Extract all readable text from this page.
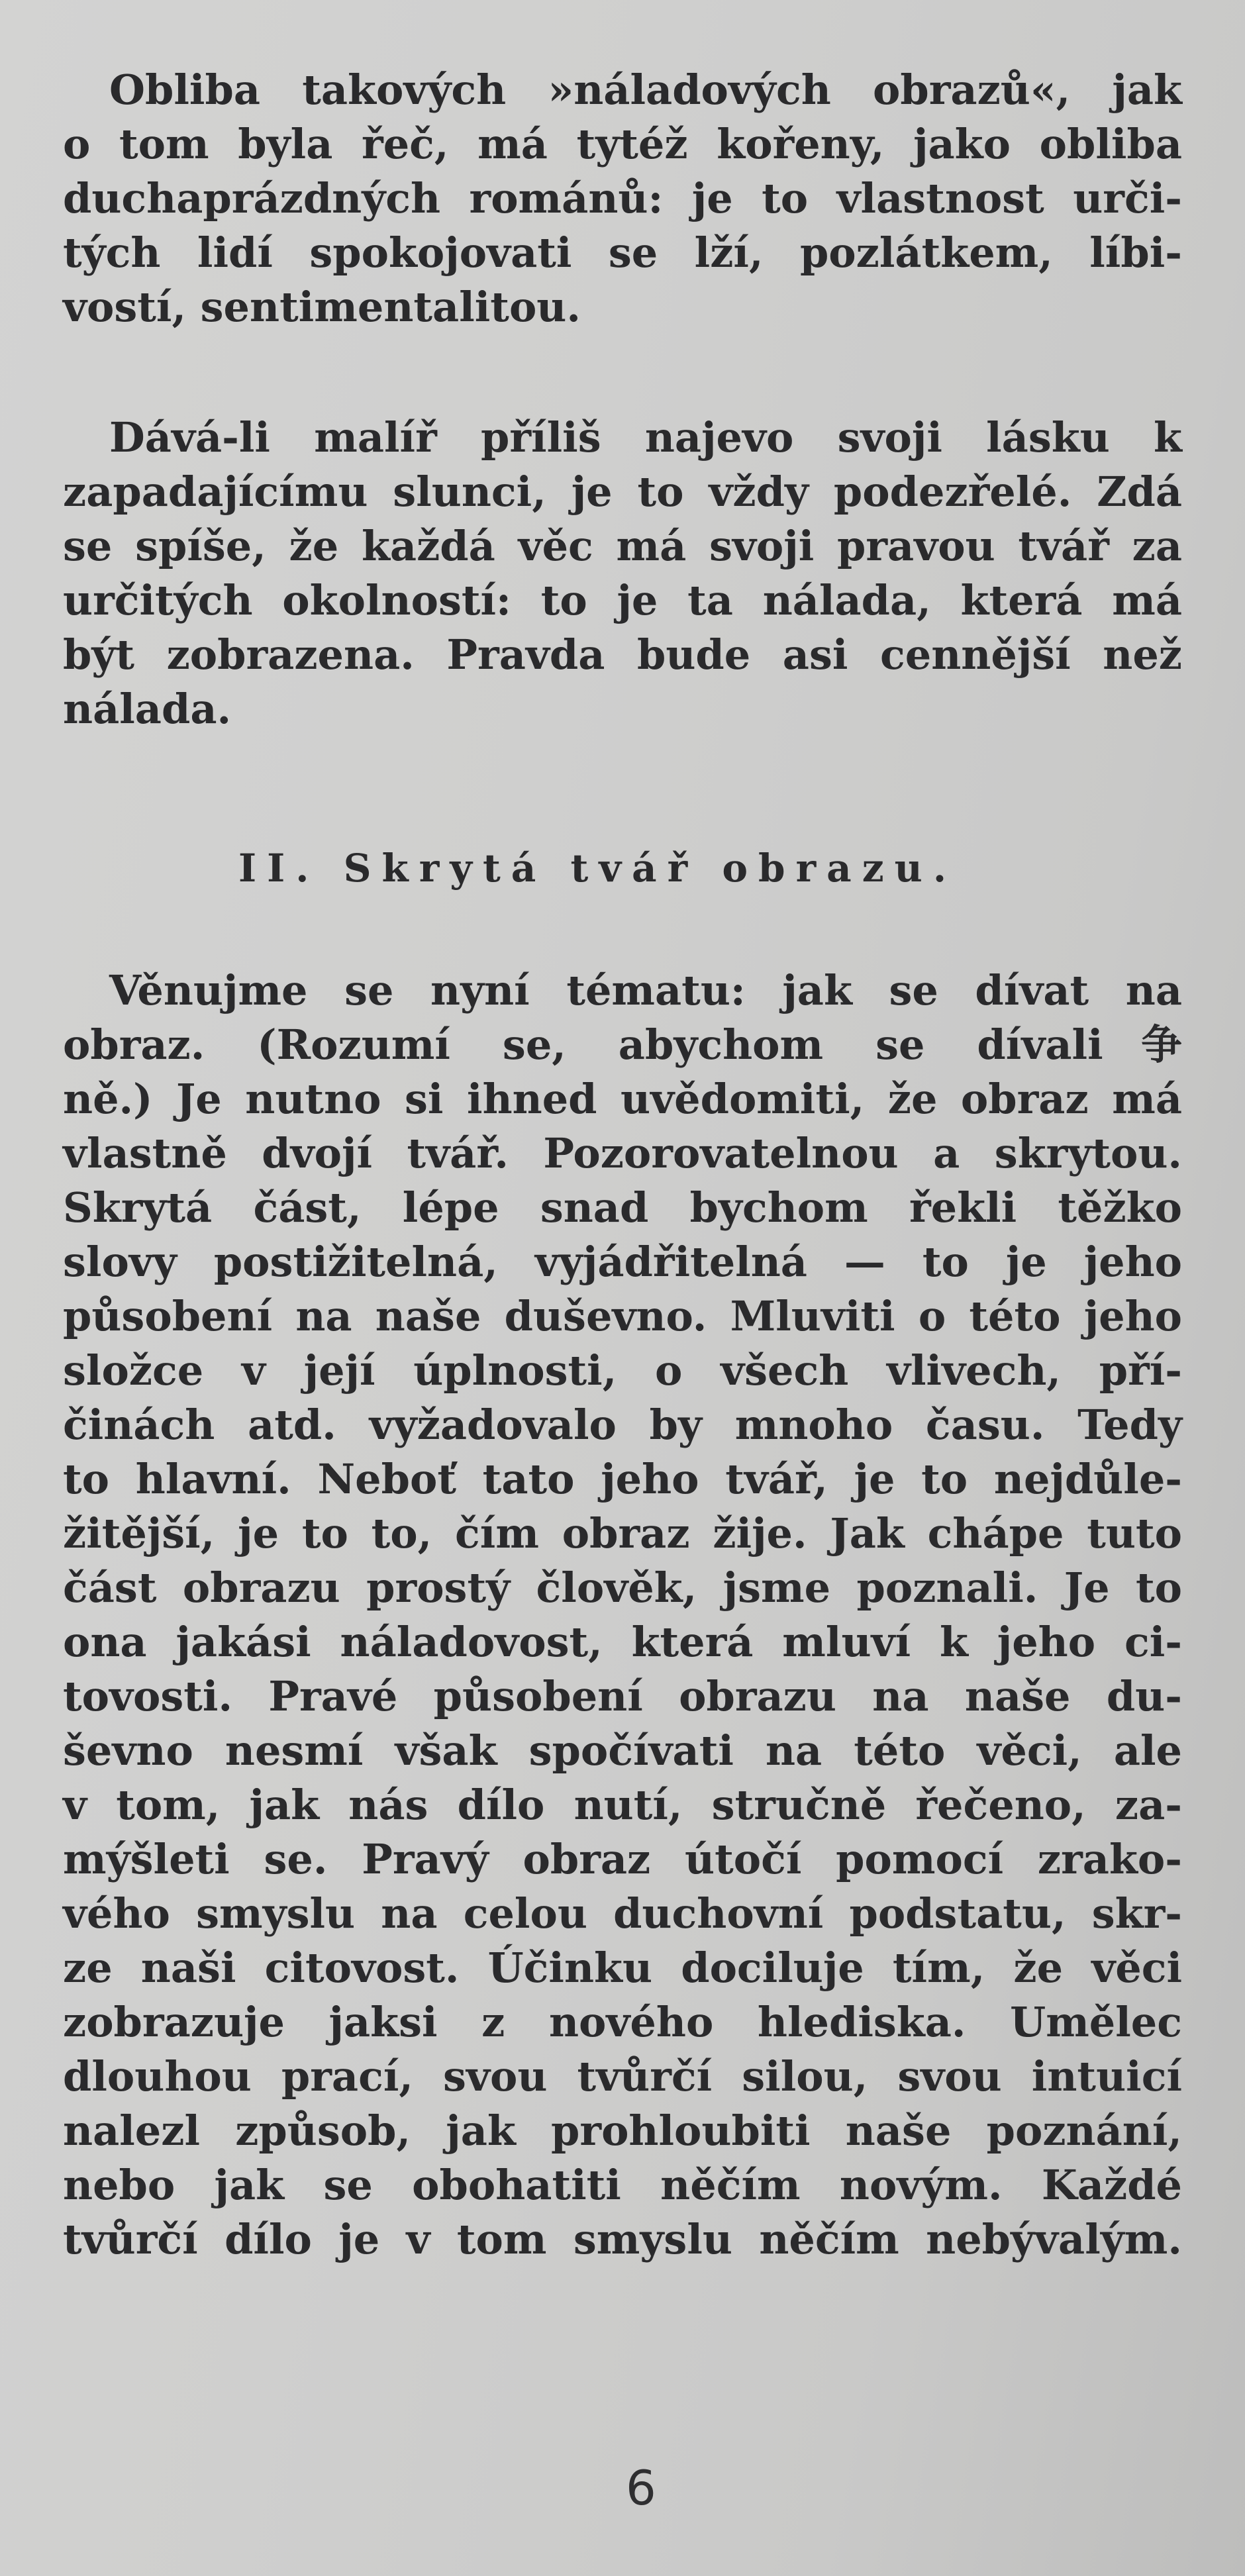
Obliba takových »náladových obrazů«, jak
o tom byla řeč, má tytéž kořeny, jako obliba
duchaprázdných románů: je to vlastnost urči-
tých lidí spokojovati se lží, pozlátkem, líbi-
vostí, sentimentalitou.

Dává-li malíř příliš najevo svoji lásku k
zapadajícímu slunci, je to vždy podezřelé. Zdá
se spíše, že každá věc má svoji pravou tvář za
určitých okolností: to je ta nálada, která má
být zobrazena. Pravda bude asi cennější než
nálada.

II. Skrytá tvář obrazu.

Věnujme se nyní tématu: jak se dívat na
obraz. (Rozumí se, abychom se dívali争
ně.) Je nutno si ihned uvědomiti, že obraz má
vlastně dvojí tvář. Pozorovatelnou a skrytou.
Skrytá část, lépe snad bychom řekli těžko
slovy postižitelná, vyjádřitelná — to je jeho
působení na naše duševno. Mluviti o této jeho
složce v její úplnosti, o všech vlivech, pří-
činách atd. vyžadovalo by mnoho času. Tedy
to hlavní. Neboť tato jeho tvář, je to nejdůle-
žitější, je to to, čím obraz žije. Jak chápe tuto
část obrazu prostý člověk, jsme poznali. Je to
ona jakási náladovost, která mluví k jeho ci-
tovosti. Pravé působení obrazu na naše du-
ševno nesmí však spočívati na této věci, ale
v tom, jak nás dílo nutí, stručně řečeno, za-
mýšleti se. Pravý obraz útočí pomocí zrako-
vého smyslu na celou duchovní podstatu, skr-
ze naši citovost. Účinku dociluje tím, že věci
zobrazuje jaksi z nového hlediska. Umělec
dlouhou prací, svou tvůrčí silou, svou intuicí
nalezl způsob, jak prohloubiti naše poznání,
nebo jak se obohatiti něčím novým. Každé
tvůrčí dílo je v tom smyslu něčím nebývalým.

6
